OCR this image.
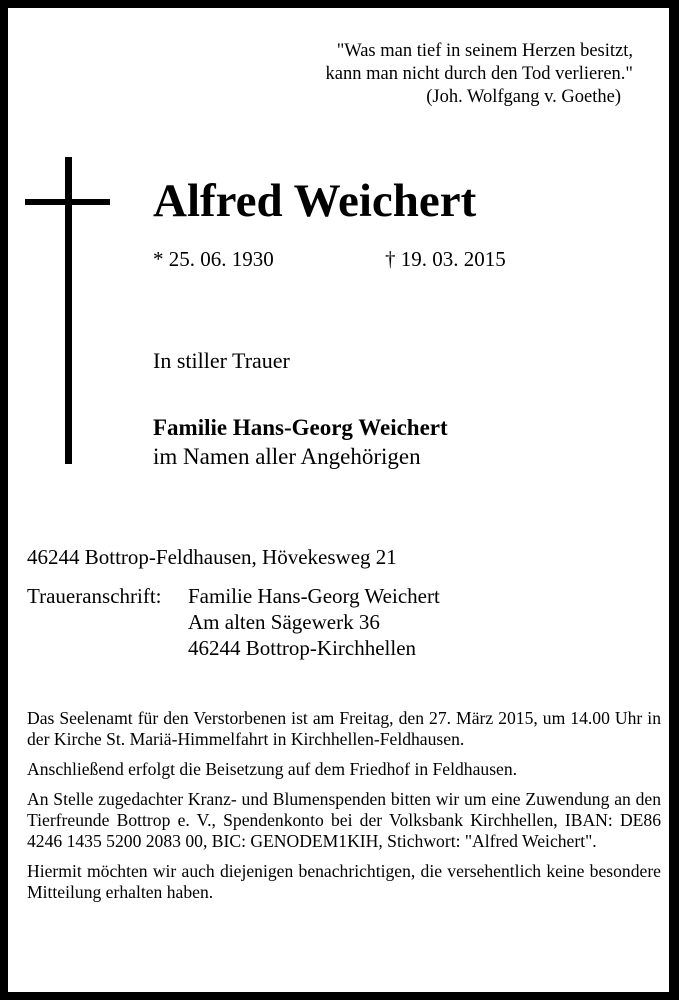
"Was man tief in seinem Herzen besitzt,
kann man nicht durch den Tod verlieren."

(Joh. Wolfgang v. Goethe)
Alfred Weichert
* 25. 06. 1930	† 19. 03. 2015
In stiller Trauer
Familie Hans-Georg Weichert
im Namen aller Angehörigen
46244 Bottrop-Feldhausen, Hövekesweg 21
Traueranschrift:	Familie Hans-Georg Weichert
Am alten Sägewerk 36
46244 Bottrop-Kirchhellen

Das Seelenamt für den Verstorbenen ist am Freitag, den 27. März 2015, um 14.00 Uhr in der Kirche St. Mariä-Himmelfahrt in Kirchhellen-Feldhausen.

Anschließend erfolgt die Beisetzung auf dem Friedhof in Feldhausen.

An Stelle zugedachter Kranz- und Blumenspenden bitten wir um eine Zuwendung an den Tierfreunde Bottrop e. V., Spendenkonto bei der Volksbank Kirchhellen, IBAN: DE86 4246 1435 5200 2083 00, BIC: GENODEM1KIH, Stichwort: "Alfred Weichert".

Hiermit möchten wir auch diejenigen benachrichtigen, die versehentlich keine besondere Mitteilung erhalten haben.
